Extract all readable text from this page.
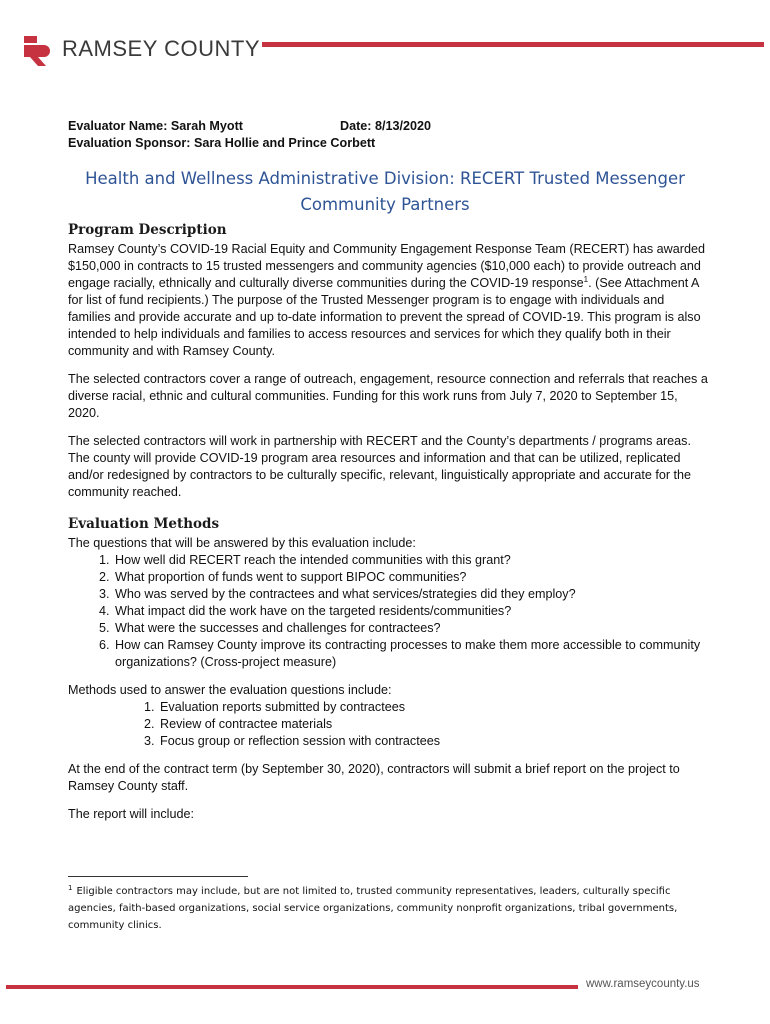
RAMSEY COUNTY
Evaluator Name: Sarah Myott
Evaluation Sponsor: Sara Hollie and Prince Corbett
Date: 8/13/2020
Health and Wellness Administrative Division: RECERT Trusted Messenger Community Partners
Program Description

Ramsey County’s COVID-19 Racial Equity and Community Engagement Response Team (RECERT) has awarded $150,000 in contracts to 15 trusted messengers and community agencies ($10,000 each) to provide outreach and engage racially, ethnically and culturally diverse communities during the COVID-19 response$^1$. (See Attachment A for list of fund recipients.) The purpose of the Trusted Messenger program is to engage with individuals and families and provide accurate and up to-date information to prevent the spread of COVID-19. This program is also intended to help individuals and families to access resources and services for which they qualify both in their community and with Ramsey County.

The selected contractors cover a range of outreach, engagement, resource connection and referrals that reaches a diverse racial, ethnic and cultural communities. Funding for this work runs from July 7, 2020 to September 15, 2020.

The selected contractors will work in partnership with RECERT and the County’s departments / programs areas. The county will provide COVID-19 program area resources and information and that can be utilized, replicated and/or redesigned by contractors to be culturally specific, relevant, linguistically appropriate and accurate for the community reached.

Evaluation Methods
The questions that will be answered by this evaluation include:
1. How well did RECERT reach the intended communities with this grant?
2. What proportion of funds went to support BIPOC communities?
3. Who was served by the contractees and what services/strategies did they employ?
4. What impact did the work have on the targeted residents/communities?
5. What were the successes and challenges for contractees?
6. How can Ramsey County improve its contracting processes to make them more accessible to community organizations? (Cross-project measure)
Methods used to answer the evaluation questions include:
1. Evaluation reports submitted by contractees
2. Review of contractee materials
3. Focus group or reflection session with contractees

At the end of the contract term (by September 30, 2020), contractors will submit a brief report on the project to Ramsey County staff.

The report will include:

$^1$ Eligible contractors may include, but are not limited to, trusted community representatives, leaders, culturally specific agencies, faith-based organizations, social service organizations, community nonprofit organizations, tribal governments, community clinics.
www.ramseycounty.us
